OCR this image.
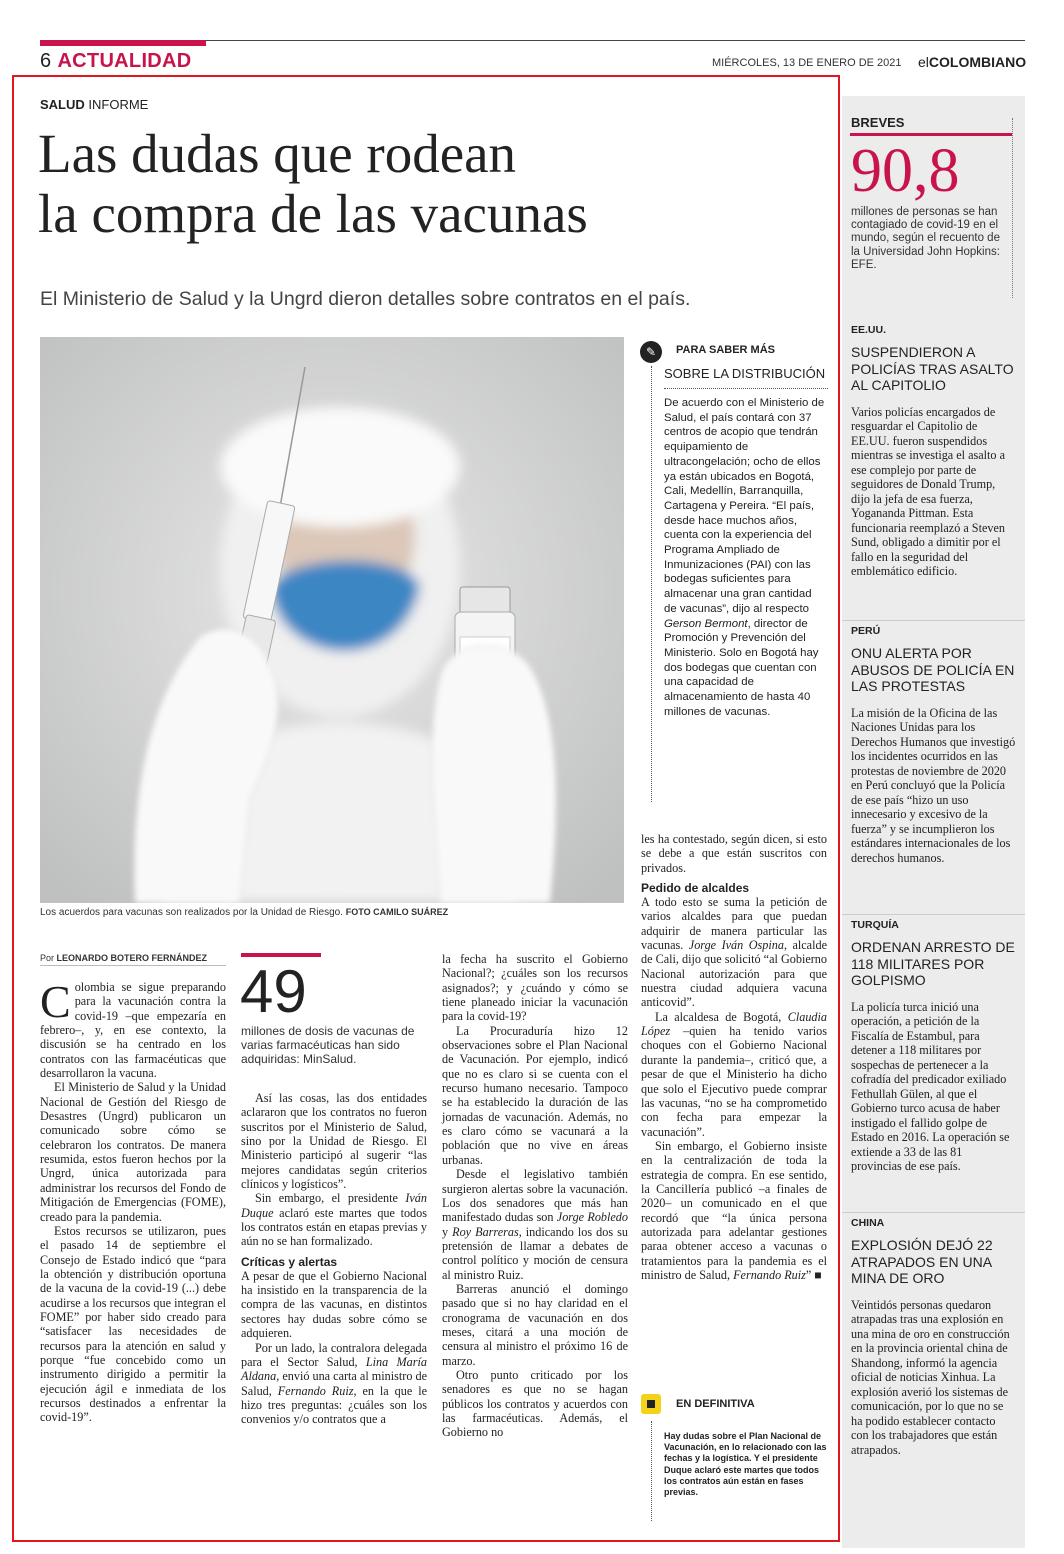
6 ACTUALIDAD	MIÉRCOLES, 13 DE ENERO DE 2021 elCOLOMBIANO
SALUD INFORME
Las dudas que rodean
la compra de las vacunas
El Ministerio de Salud y la Ungrd dieron detalles sobre contratos en el país.
Los acuerdos para vacunas son realizados por la Unidad de Riesgo. FOTO CAMILO SUÁREZ
✎	PARA SABER MÁS
SOBRE LA DISTRIBUCIÓN
De acuerdo con el Ministerio de Salud, el país contará con 37 centros de acopio que tendrán equipamiento de ultracongelación; ocho de ellos ya están ubicados en Bogotá, Cali, Medellín, Barranquilla, Cartagena y Pereira. “El país, desde hace muchos años, cuenta con la experiencia del Programa Ampliado de Inmunizaciones (PAI) con las bodegas suficientes para almacenar una gran cantidad de vacunas”, dijo al respecto Gerson Bermont, director de Promoción y Prevención del Ministerio. Solo en Bogotá hay dos bodegas que cuentan con una capacidad de almacenamiento de hasta 40 millones de vacunas.
Por LEONARDO BOTERO FERNÁNDEZ

Colombia se sigue preparando para la vacunación contra la covid-19 –que empezaría en febrero–, y, en ese contexto, la discusión se ha centrado en los contratos con las farmacéuticas que desarrollaron la vacuna.

El Ministerio de Salud y la Unidad Nacional de Gestión del Riesgo de Desastres (Ungrd) publicaron un comunicado sobre cómo se celebraron los contratos. De manera resumida, estos fueron hechos por la Ungrd, única autorizada para administrar los recursos del Fondo de Mitigación de Emergencias (FOME), creado para la pandemia.

Estos recursos se utilizaron, pues el pasado 14 de septiembre el Consejo de Estado indicó que “para la obtención y distribución oportuna de la vacuna de la covid-19 (...) debe acudirse a los recursos que integran el FOME” por haber sido creado para “satisfacer las necesidades de recursos para la atención en salud y porque “fue concebido como un instrumento dirigido a permitir la ejecución ágil e inmediata de los recursos destinados a enfrentar la covid-19”.

49
millones de dosis de vacunas de varias farmacéuticas han sido adquiridas: MinSalud.

Así las cosas, las dos entidades aclararon que los contratos no fueron suscritos por el Ministerio de Salud, sino por la Unidad de Riesgo. El Ministerio participó al sugerir “las mejores candidatas según criterios clínicos y logísticos”.

Sin embargo, el presidente Iván Duque aclaró este martes que todos los contratos están en etapas previas y aún no se han formalizado.

Críticas y alertas

A pesar de que el Gobierno Nacional ha insistido en la transparencia de la compra de las vacunas, en distintos sectores hay dudas sobre cómo se adquieren.

Por un lado, la contralora delegada para el Sector Salud, Lina María Aldana, envió una carta al ministro de Salud, Fernando Ruiz, en la que le hizo tres preguntas: ¿cuáles son los convenios y/o contratos que a

la fecha ha suscrito el Gobierno Nacional?; ¿cuáles son los recursos asignados?; y ¿cuándo y cómo se tiene planeado iniciar la vacunación para la covid-19?

La Procuraduría hizo 12 observaciones sobre el Plan Nacional de Vacunación. Por ejemplo, indicó que no es claro si se cuenta con el recurso humano necesario. Tampoco se ha establecido la duración de las jornadas de vacunación. Además, no es claro cómo se vacunará a la población que no vive en áreas urbanas.

Desde el legislativo también surgieron alertas sobre la vacunación. Los dos senadores que más han manifestado dudas son Jorge Robledo y Roy Barreras, indicando los dos su pretensión de llamar a debates de control político y moción de censura al ministro Ruiz.

Barreras anunció el domingo pasado que si no hay claridad en el cronograma de vacunación en dos meses, citará a una moción de censura al ministro el próximo 16 de marzo.

Otro punto criticado por los senadores es que no se hagan públicos los contratos y acuerdos con las farmacéuticas. Además, el Gobierno no

les ha contestado, según dicen, si esto se debe a que están suscritos con privados.

Pedido de alcaldes

A todo esto se suma la petición de varios alcaldes para que puedan adquirir de manera particular las vacunas. Jorge Iván Ospina, alcalde de Cali, dijo que solicitó “al Gobierno Nacional autorización para que nuestra ciudad adquiera vacuna anticovid”.

La alcaldesa de Bogotá, Claudia López –quien ha tenido varios choques con el Gobierno Nacional durante la pandemia–, criticó que, a pesar de que el Ministerio ha dicho que solo el Ejecutivo puede comprar las vacunas, “no se ha comprometido con fecha para empezar la vacunación”.

Sin embargo, el Gobierno insiste en la centralización de toda la estrategia de compra. En ese sentido, la Cancillería publicó –a finales de 2020– un comunicado en el que recordó que “la única persona autorizada para adelantar gestiones paraa obtener acceso a vacunas o tratamientos para la pandemia es el ministro de Salud, Fernando Ruiz” ■

EN DEFINITIVA
Hay dudas sobre el Plan Nacional de Vacunación, en lo relacionado con las fechas y la logística. Y el presidente Duque aclaró este martes que todos los contratos aún están en fases previas.
BREVES
90,8
millones de personas se han contagiado de covid-19 en el mundo, según el recuento de la Universidad John Hopkins: EFE.
EE.UU.
SUSPENDIERON A POLICÍAS TRAS ASALTO AL CAPITOLIO
Varios policías encargados de resguardar el Capitolio de EE.UU. fueron suspendidos mientras se investiga el asalto a ese complejo por parte de seguidores de Donald Trump, dijo la jefa de esa fuerza, Yogananda Pittman. Esta funcionaria reemplazó a Steven Sund, obligado a dimitir por el fallo en la seguridad del emblemático edificio.
PERÚ
ONU ALERTA POR ABUSOS DE POLICÍA EN LAS PROTESTAS
La misión de la Oficina de las Naciones Unidas para los Derechos Humanos que investigó los incidentes ocurridos en las protestas de noviembre de 2020 en Perú concluyó que la Policía de ese país “hizo un uso innecesario y excesivo de la fuerza” y se incumplieron los estándares internacionales de los derechos humanos.
TURQUÍA
ORDENAN ARRESTO DE 118 MILITARES POR GOLPISMO
La policía turca inició una operación, a petición de la Fiscalía de Estambul, para detener a 118 militares por sospechas de pertenecer a la cofradía del predicador exiliado Fethullah Gülen, al que el Gobierno turco acusa de haber instigado el fallido golpe de Estado en 2016. La operación se extiende a 33 de las 81 provincias de ese país.
CHINA
EXPLOSIÓN DEJÓ 22 ATRAPADOS EN UNA MINA DE ORO
Veintidós personas quedaron atrapadas tras una explosión en una mina de oro en construcción en la provincia oriental china de Shandong, informó la agencia oficial de noticias Xinhua. La explosión averió los sistemas de comunicación, por lo que no se ha podido establecer contacto con los trabajadores que están atrapados.
